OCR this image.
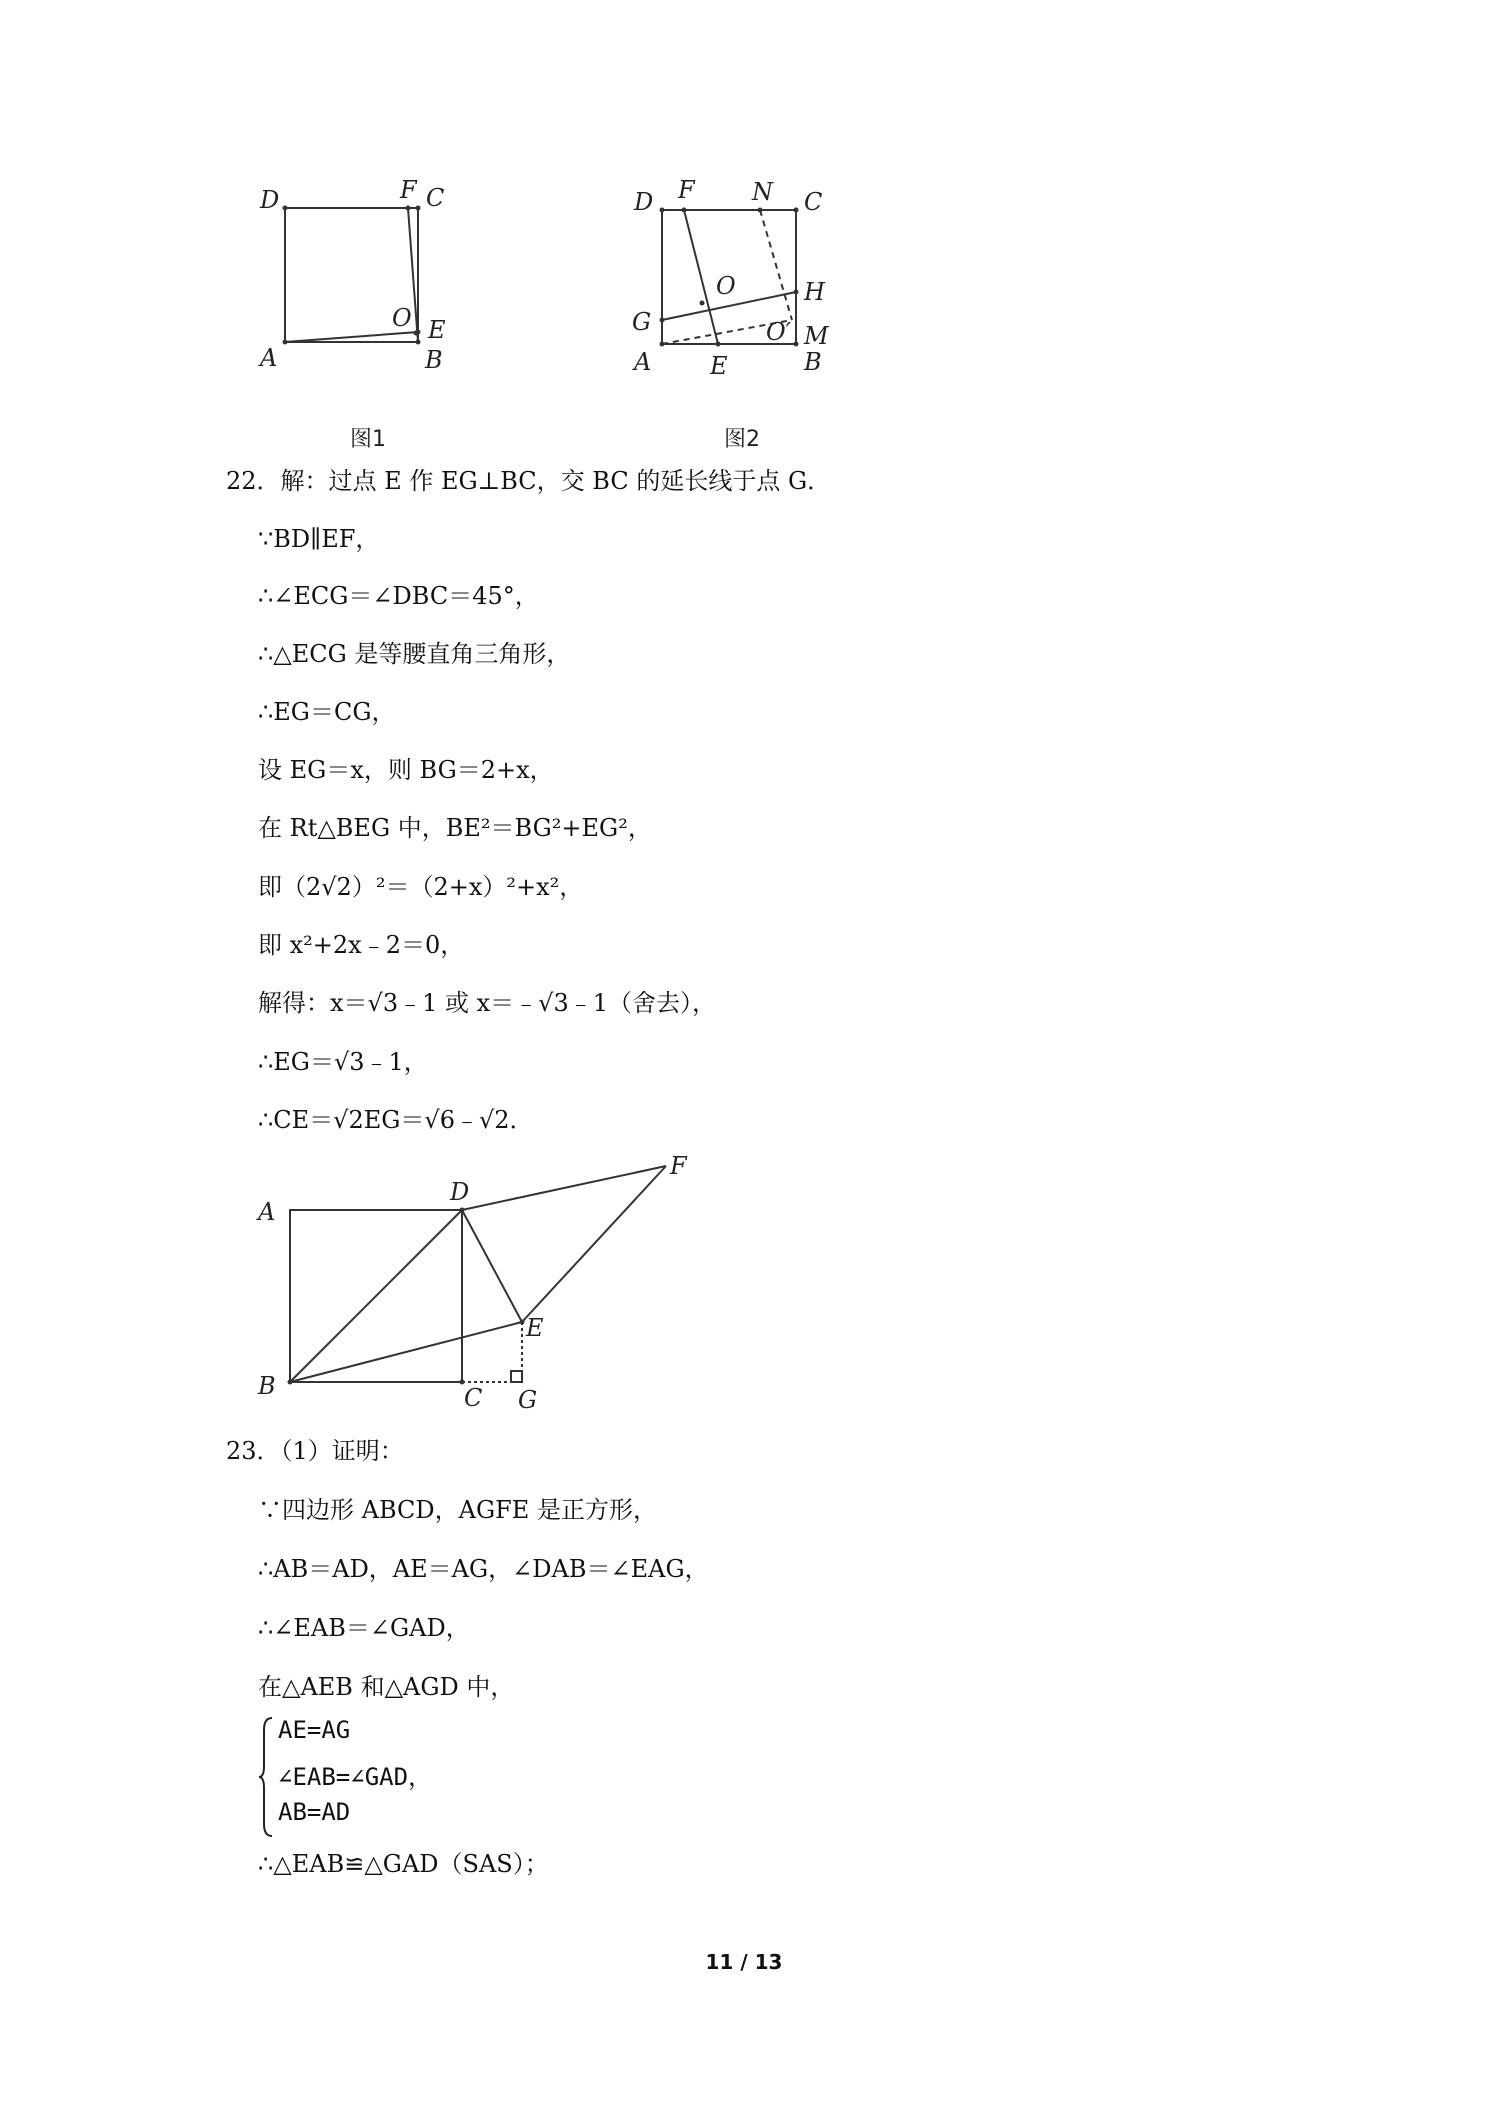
D	F C
O E
A	B
图1
D F N C
O	H
G	M
O′
A E	B
图2
22．解：过点 E 作 EG⊥BC，交 BC 的延长线于点 G．
∵BD∥EF，
∴∠ECG＝∠DBC＝45°，
∴△ECG 是等腰直角三角形，
∴EG＝CG，
设 EG＝x，则 BG＝2+x，
在 Rt△BEG 中，BE²＝BG²+EG²，
即（2√2）²＝（2+x）²+x²，
即 x²+2x﹣2＝0，
解得：x＝√3﹣1 或 x＝﹣√3﹣1（舍去），
∴EG＝√3﹣1，
∴CE＝√2EG＝√6﹣√2．
A
D
F
E
B	C G
23．（1）证明：
∵四边形 ABCD，AGFE 是正方形，
∴AB＝AD，AE＝AG，∠DAB＝∠EAG，
∴∠EAB＝∠GAD，
在△AEB 和△AGD 中，
AE=AG
∠EAB=∠GAD，
AB=AD
∴△EAB≌△GAD（SAS）；
11 / 13
